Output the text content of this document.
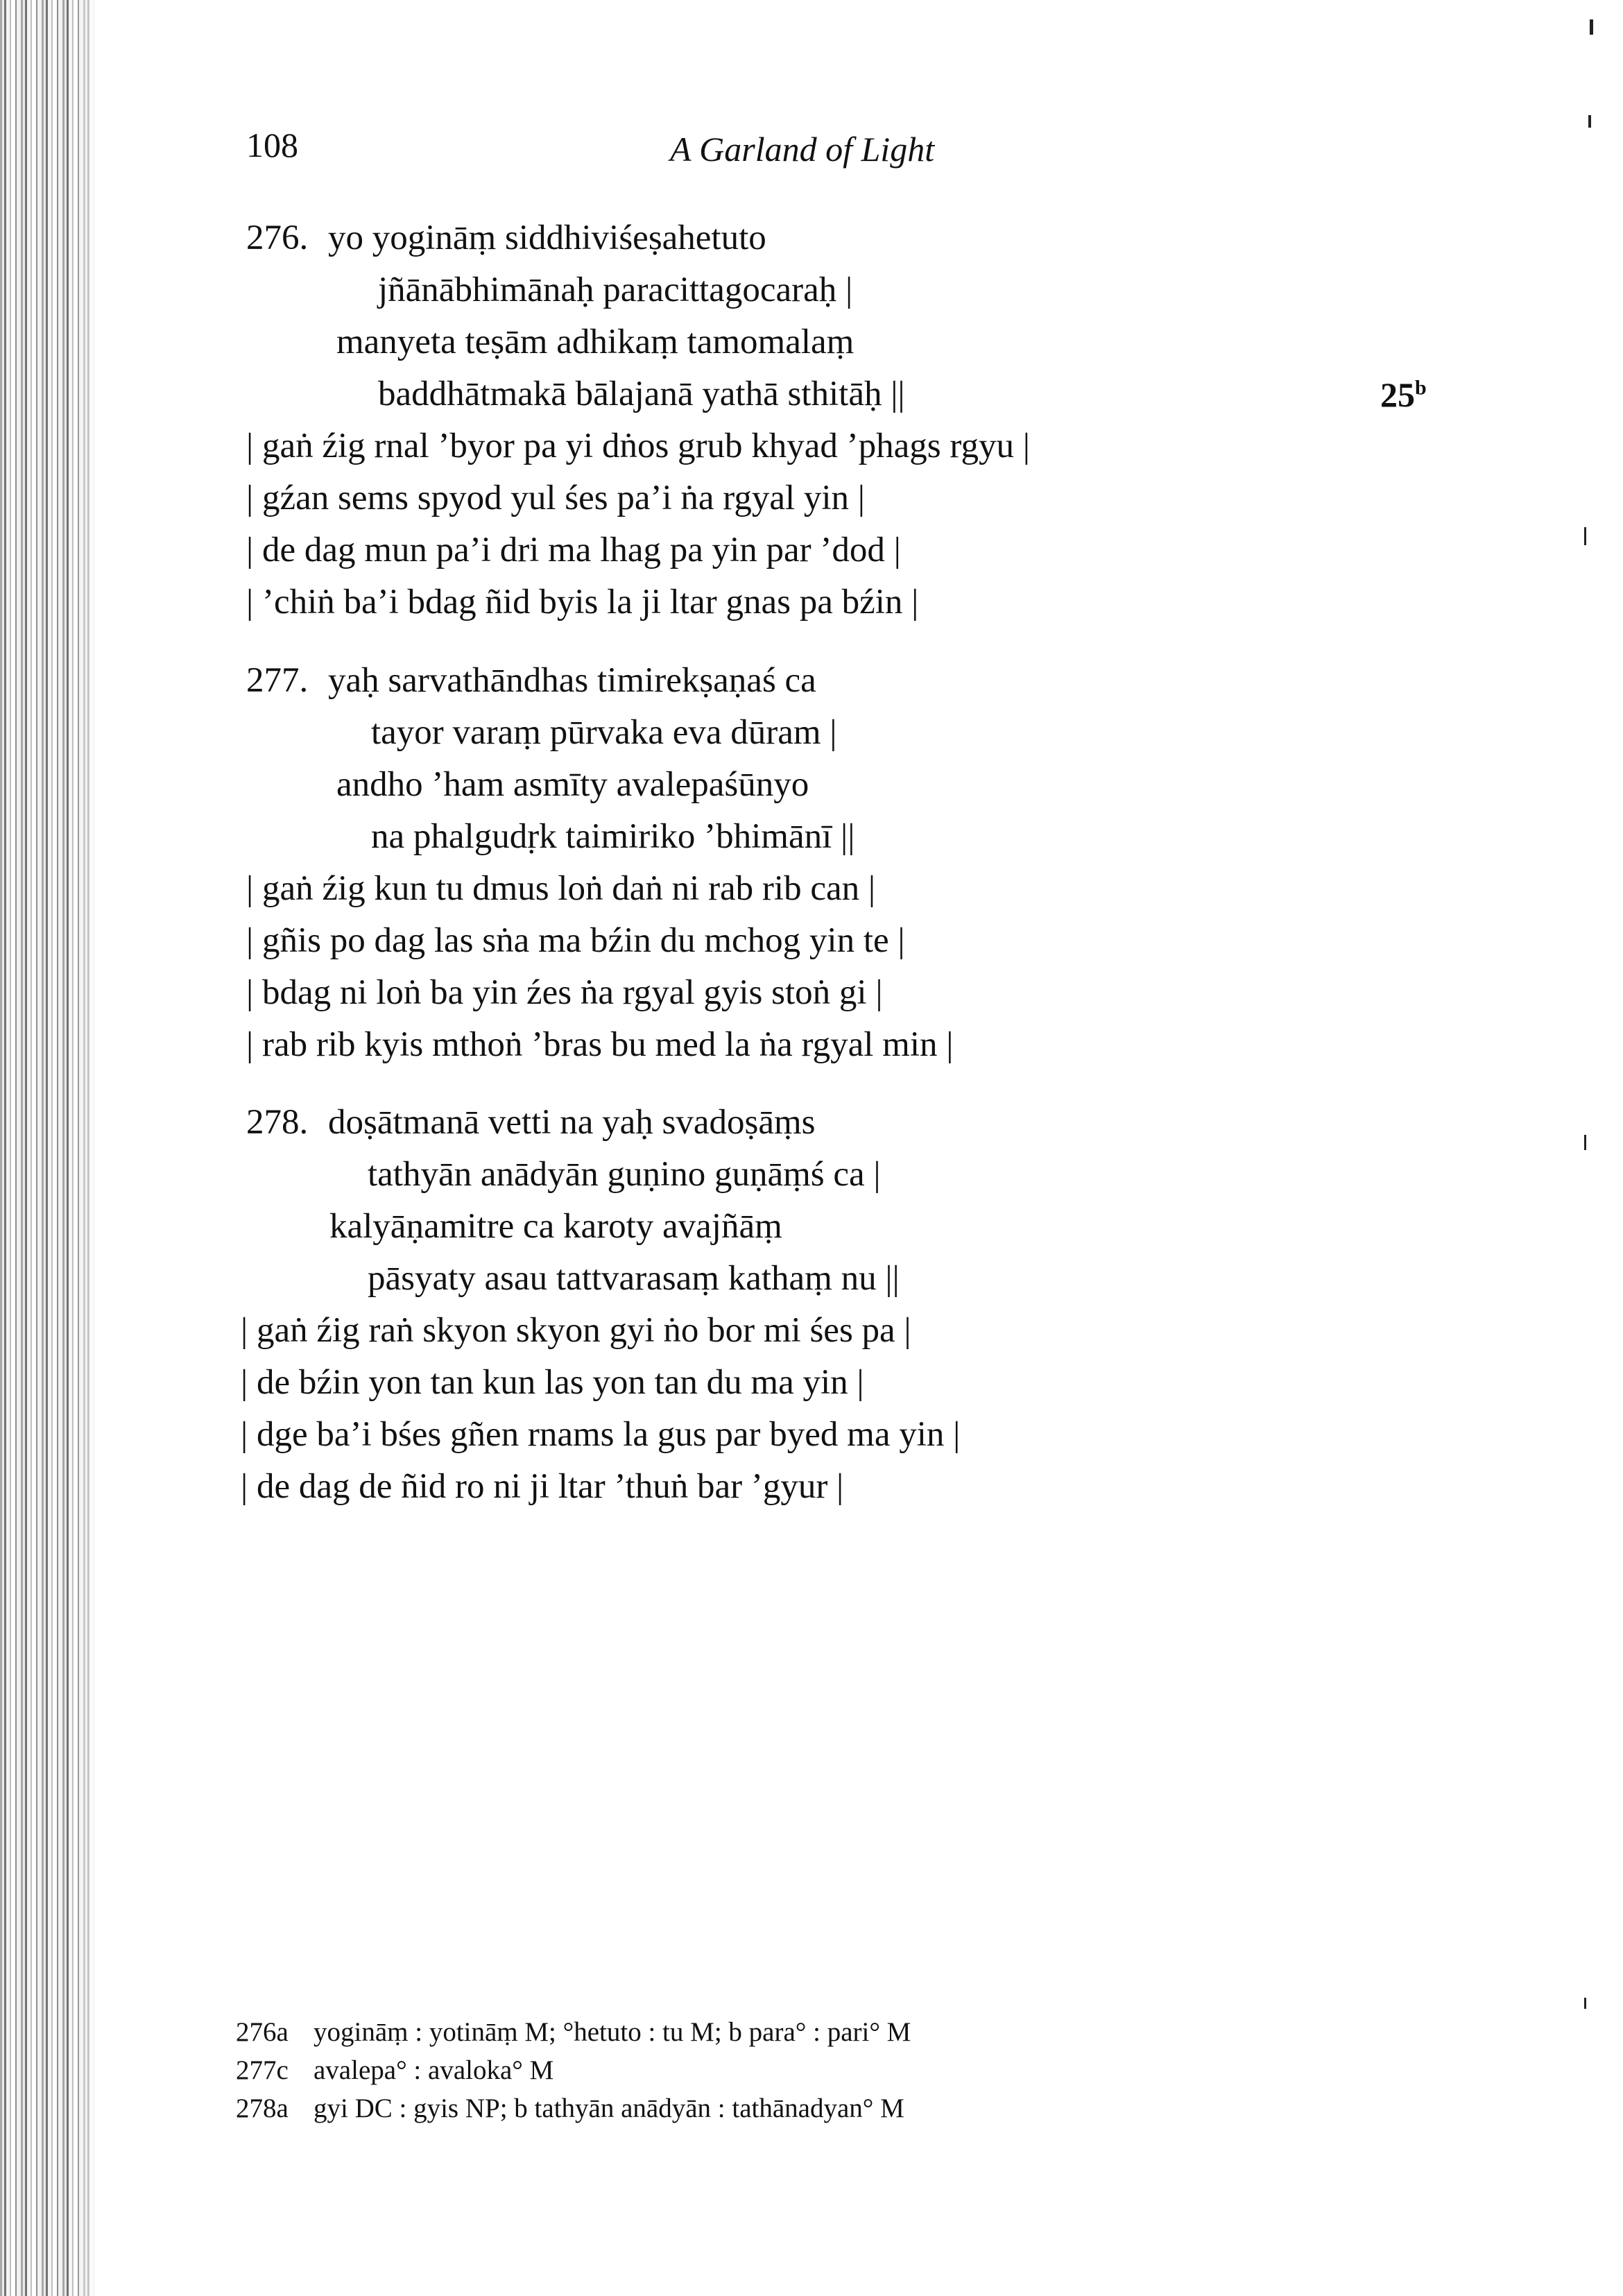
108	A Garland of Light
25$^b$
276. yo yogināṃ siddhiviśeṣahetuto
jñānābhimānaḥ paracittagocaraḥ |
manyeta teṣām adhikaṃ tamomalaṃ
baddhātmakā bālajanā yathā sthitāḥ ||
| gaṅ źig rnal ’byor pa yi dṅos grub khyad ’phags rgyu |
| gźan sems spyod yul śes pa’i ṅa rgyal yin |
| de dag mun pa’i dri ma lhag pa yin par ’dod |
| ’chiṅ ba’i bdag ñid byis la ji ltar gnas pa bźin |
277. yaḥ sarvathāndhas timirekṣaṇaś ca
tayor varaṃ pūrvaka eva dūram |
andho ’ham asmīty avalepaśūnyo
na phalgudṛk taimiriko ’bhimānī ||
| gaṅ źig kun tu dmus loṅ daṅ ni rab rib can |
| gñis po dag las sṅa ma bźin du mchog yin te |
| bdag ni loṅ ba yin źes ṅa rgyal gyis stoṅ gi |
| rab rib kyis mthoṅ ’bras bu med la ṅa rgyal min |
278. doṣātmanā vetti na yaḥ svadoṣāṃs
tathyān anādyān guṇino guṇāṃś ca |
kalyāṇamitre ca karoty avajñāṃ
pāsyaty asau tattvarasaṃ kathaṃ nu ||
| gaṅ źig raṅ skyon skyon gyi ṅo bor mi śes pa |
| de bźin yon tan kun las yon tan du ma yin |
| dge ba’i bśes gñen rnams la gus par byed ma yin |
| de dag de ñid ro ni ji ltar ’thuṅ bar ’gyur |
276a yogināṃ : yotināṃ M; °hetuto : tu M; b para° : pari° M
277c avalepa° : avaloka° M
278a gyi DC : gyis NP; b tathyān anādyān : tathānadyan° M
